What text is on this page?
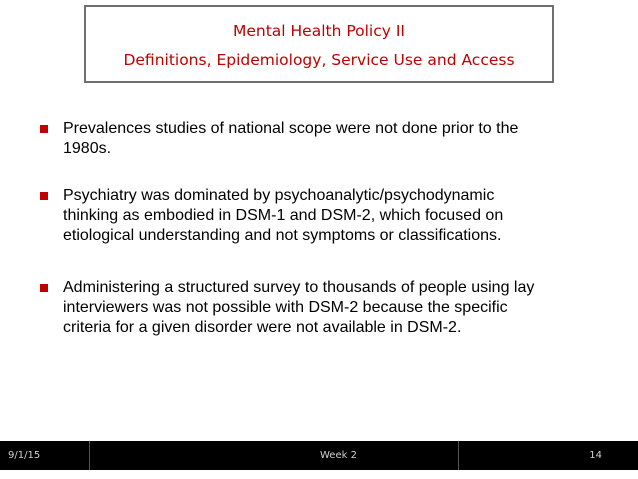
Mental Health Policy II
Definitions, Epidemiology, Service Use and Access
Prevalences studies of national scope were not done prior to the
1980s.
Psychiatry was dominated by psychoanalytic/psychodynamic
thinking as embodied in DSM-1 and DSM-2, which focused on
etiological understanding and not symptoms or classifications.
Administering a structured survey to thousands of people using lay
interviewers was not possible with DSM-2 because the specific
criteria for a given disorder were not available in DSM-2.
9/1/15	Week 2	14
